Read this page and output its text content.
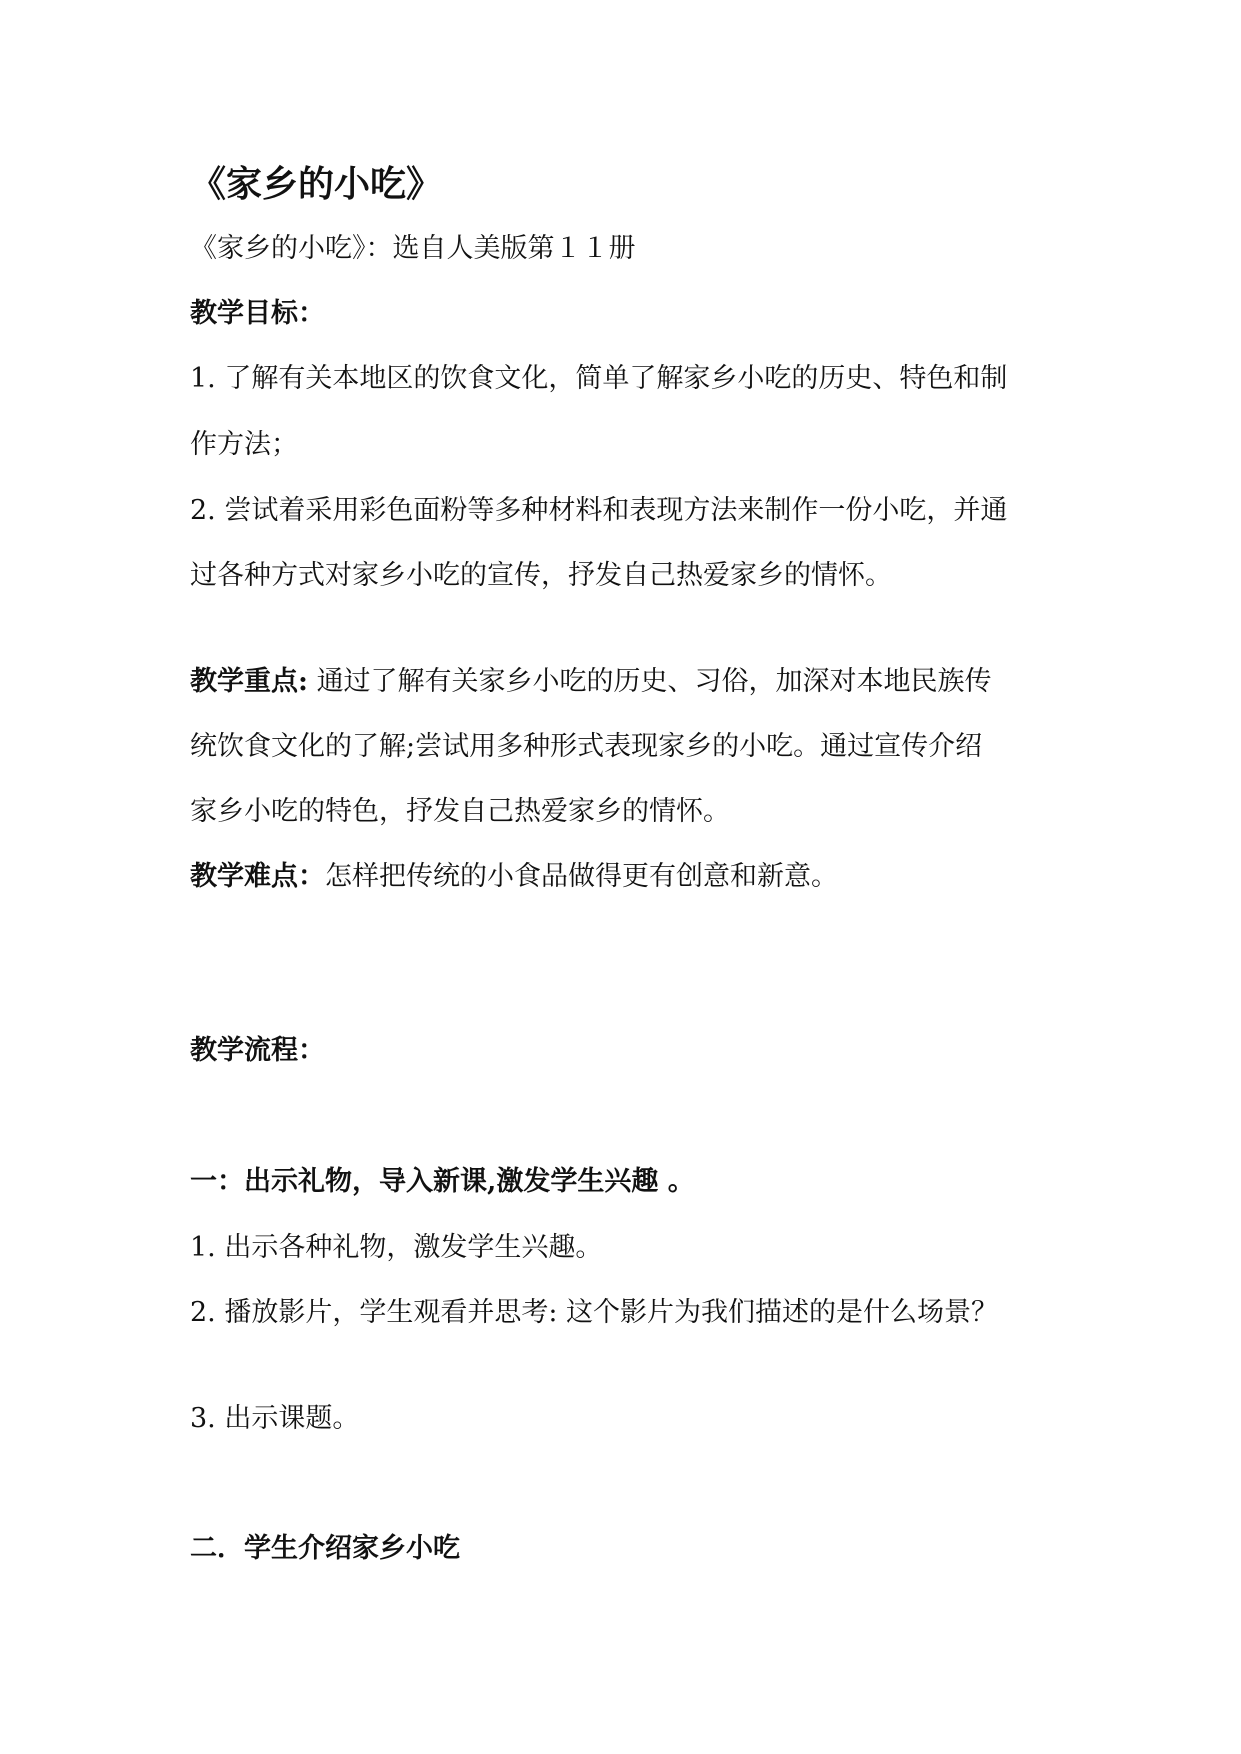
《家乡的小吃》
《家乡的小吃》：选自人美版第１１册
教学目标：
1. 了解有关本地区的饮食文化，简单了解家乡小吃的历史、特色和制
作方法；
2. 尝试着采用彩色面粉等多种材料和表现方法来制作一份小吃，并通
过各种方式对家乡小吃的宣传，抒发自己热爱家乡的情怀。
教学重点: 通过了解有关家乡小吃的历史、习俗，加深对本地民族传
统饮食文化的了解;尝试用多种形式表现家乡的小吃。通过宣传介绍
家乡小吃的特色，抒发自己热爱家乡的情怀。
教学难点：怎样把传统的小食品做得更有创意和新意。
教学流程：
一：出示礼物，导入新课,激发学生兴趣 。
1. 出示各种礼物，激发学生兴趣。
2. 播放影片，学生观看并思考: 这个影片为我们描述的是什么场景？
3. 出示课题。
二．学生介绍家乡小吃
